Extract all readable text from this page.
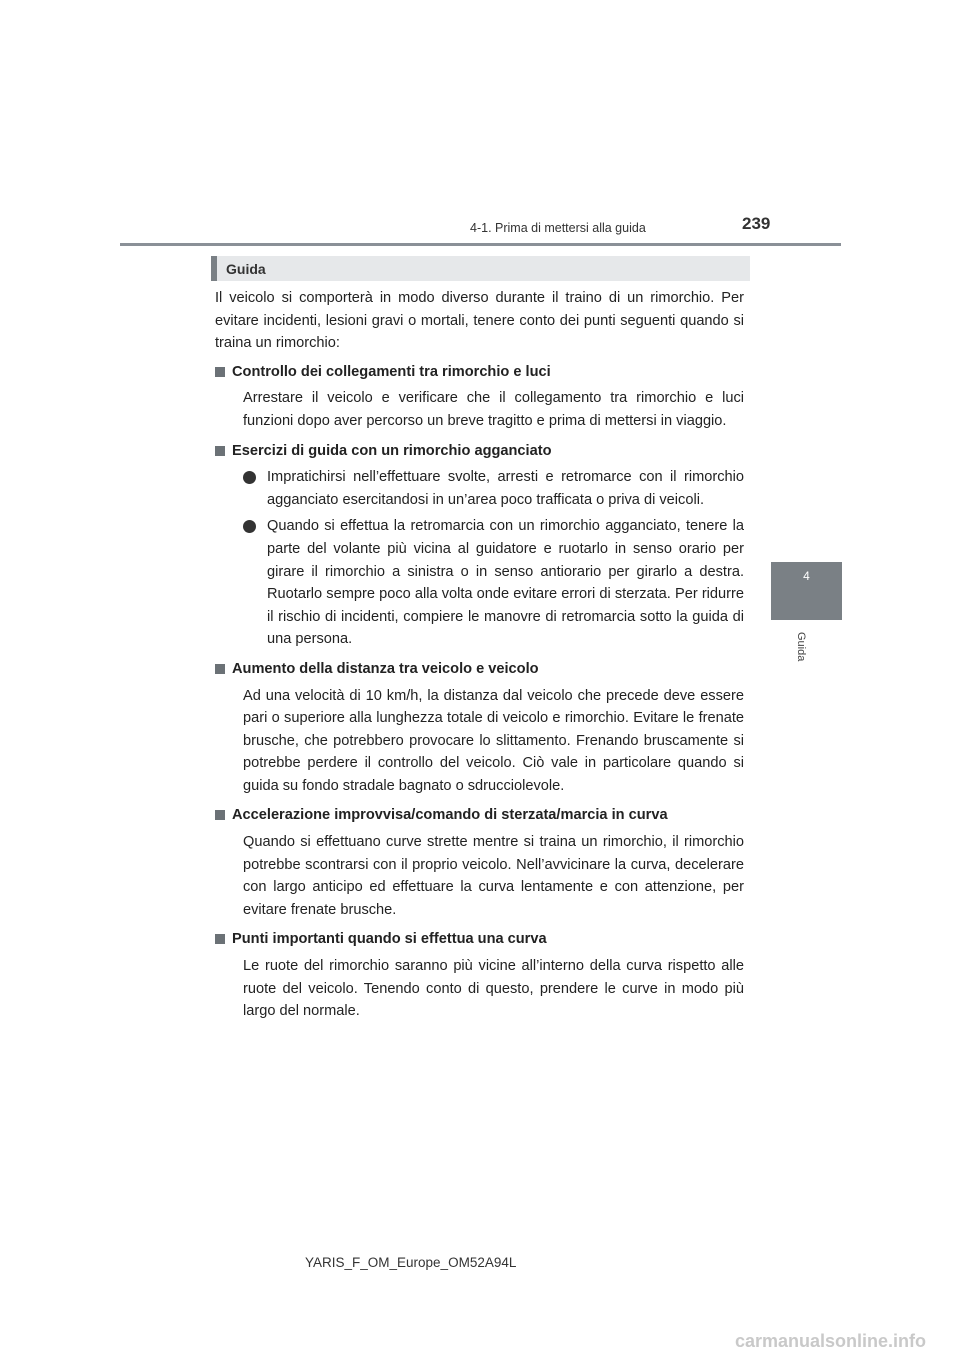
4-1. Prima di mettersi alla guida	239
Guida

Il veicolo si comporterà in modo diverso durante il traino di un rimorchio. Per evitare incidenti, lesioni gravi o mortali, tenere conto dei punti seguenti quando si traina un rimorchio:

Controllo dei collegamenti tra rimorchio e luci

Arrestare il veicolo e verificare che il collegamento tra rimorchio e luci funzioni dopo aver percorso un breve tragitto e prima di mettersi in viaggio.

Esercizi di guida con un rimorchio agganciato
Impratichirsi nell’effettuare svolte, arresti e retromarce con il rimorchio agganciato esercitandosi in un’area poco trafficata o priva di veicoli.
Quando si effettua la retromarcia con un rimorchio agganciato, tenere la parte del volante più vicina al guidatore e ruotarlo in senso orario per girare il rimorchio a sinistra o in senso antiorario per girarlo a destra. Ruotarlo sempre poco alla volta onde evitare errori di sterzata. Per ridurre il rischio di incidenti, compiere le manovre di retromarcia sotto la guida di una persona.
Aumento della distanza tra veicolo e veicolo

Ad una velocità di 10 km/h, la distanza dal veicolo che precede deve essere pari o superiore alla lunghezza totale di veicolo e rimorchio. Evitare le frenate brusche, che potrebbero provocare lo slittamento. Frenando bruscamente si potrebbe perdere il controllo del veicolo. Ciò vale in particolare quando si guida su fondo stradale bagnato o sdrucciolevole.

Accelerazione improvvisa/comando di sterzata/marcia in curva

Quando si effettuano curve strette mentre si traina un rimorchio, il rimorchio potrebbe scontrarsi con il proprio veicolo. Nell’avvicinare la curva, decelerare con largo anticipo ed effettuare la curva lentamente e con attenzione, per evitare frenate brusche.

Punti importanti quando si effettua una curva

Le ruote del rimorchio saranno più vicine all’interno della curva rispetto alle ruote del veicolo. Tenendo conto di questo, prendere le curve in modo più largo del normale.

4
Guida
YARIS_F_OM_Europe_OM52A94L
carmanualsonline.info
